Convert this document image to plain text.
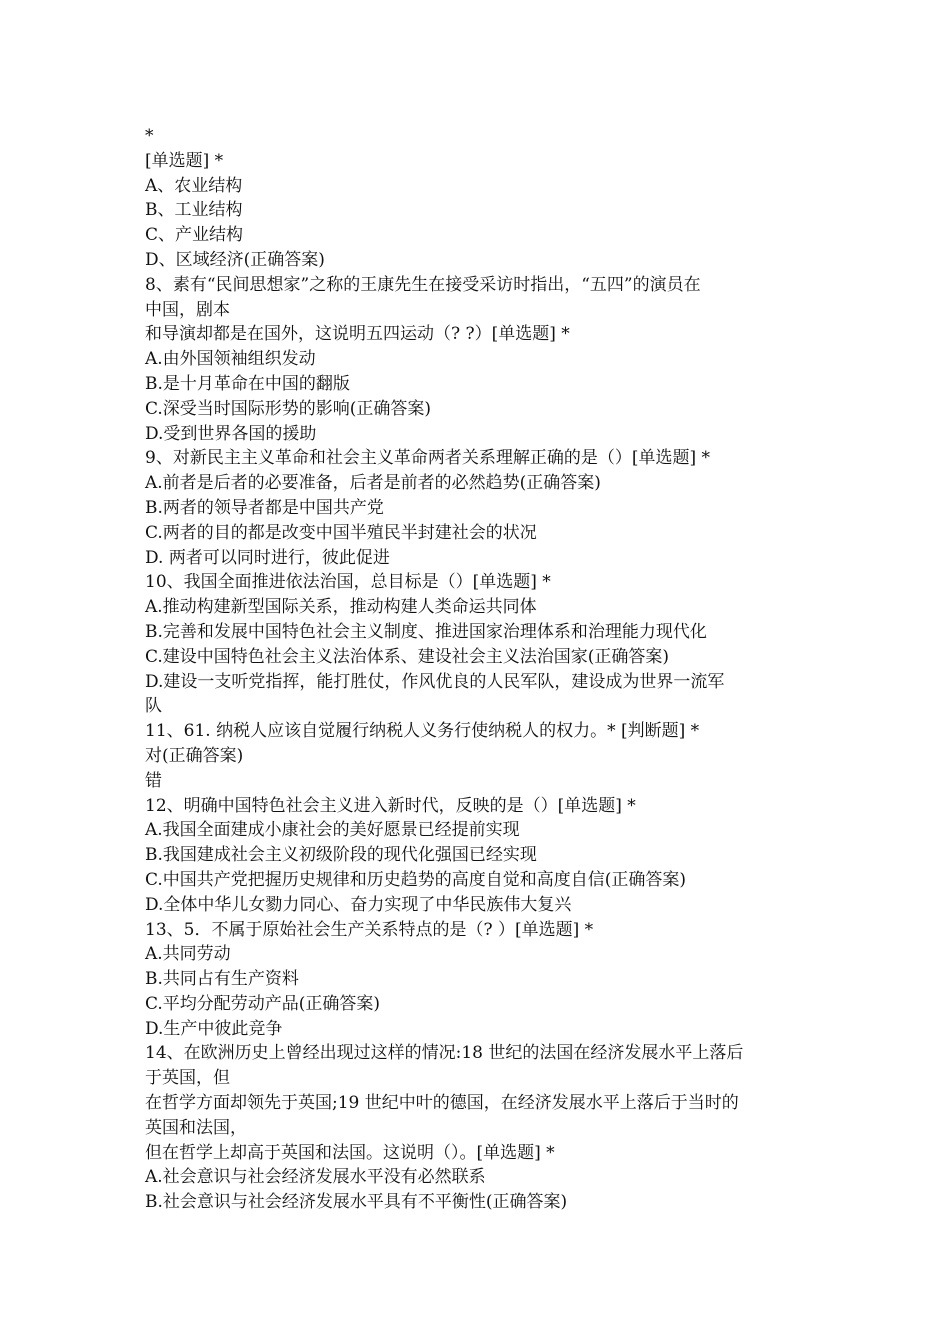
*

[单选题] *

A、农业结构

B、工业结构

C、产业结构

D、区域经济(正确答案)

8、素有“民间思想家”之称的王康先生在接受采访时指出，“五四”的演员在

中国，剧本

和导演却都是在国外，这说明五四运动（? ?）[单选题] *

A.由外国领袖组织发动

B.是十月革命在中国的翻版

C.深受当时国际形势的影响(正确答案)

D.受到世界各国的援助

9、对新民主主义革命和社会主义革命两者关系理解正确的是（）[单选题] *

A.前者是后者的必要准备，后者是前者的必然趋势(正确答案)

B.两者的领导者都是中国共产党

C.两者的目的都是改变中国半殖民半封建社会的状况

D. 两者可以同时进行，彼此促进

10、我国全面推进依法治国，总目标是（）[单选题] *

A.推动构建新型国际关系，推动构建人类命运共同体

B.完善和发展中国特色社会主义制度、推进国家治理体系和治理能力现代化

C.建设中国特色社会主义法治体系、建设社会主义法治国家(正确答案)

D.建设一支听党指挥，能打胜仗，作风优良的人民军队，建设成为世界一流军

队

11、61. 纳税人应该自觉履行纳税人义务行使纳税人的权力。* [判断题] *

对(正确答案)

错

12、明确中国特色社会主义进入新时代，反映的是（）[单选题] *

A.我国全面建成小康社会的美好愿景已经提前实现

B.我国建成社会主义初级阶段的现代化强国已经实现

C.中国共产党把握历史规律和历史趋势的高度自觉和高度自信(正确答案)

D.全体中华儿女勠力同心、奋力实现了中华民族伟大复兴

13、5．不属于原始社会生产关系特点的是（? ）[单选题] *

A.共同劳动

B.共同占有生产资料

C.平均分配劳动产品(正确答案)

D.生产中彼此竞争

14、在欧洲历史上曾经出现过这样的情况:18 世纪的法国在经济发展水平上落后

于英国，但

在哲学方面却领先于英国;19 世纪中叶的德国，在经济发展水平上落后于当时的

英国和法国，

但在哲学上却高于英国和法国。这说明（）。[单选题] *

A.社会意识与社会经济发展水平没有必然联系

B.社会意识与社会经济发展水平具有不平衡性(正确答案)
